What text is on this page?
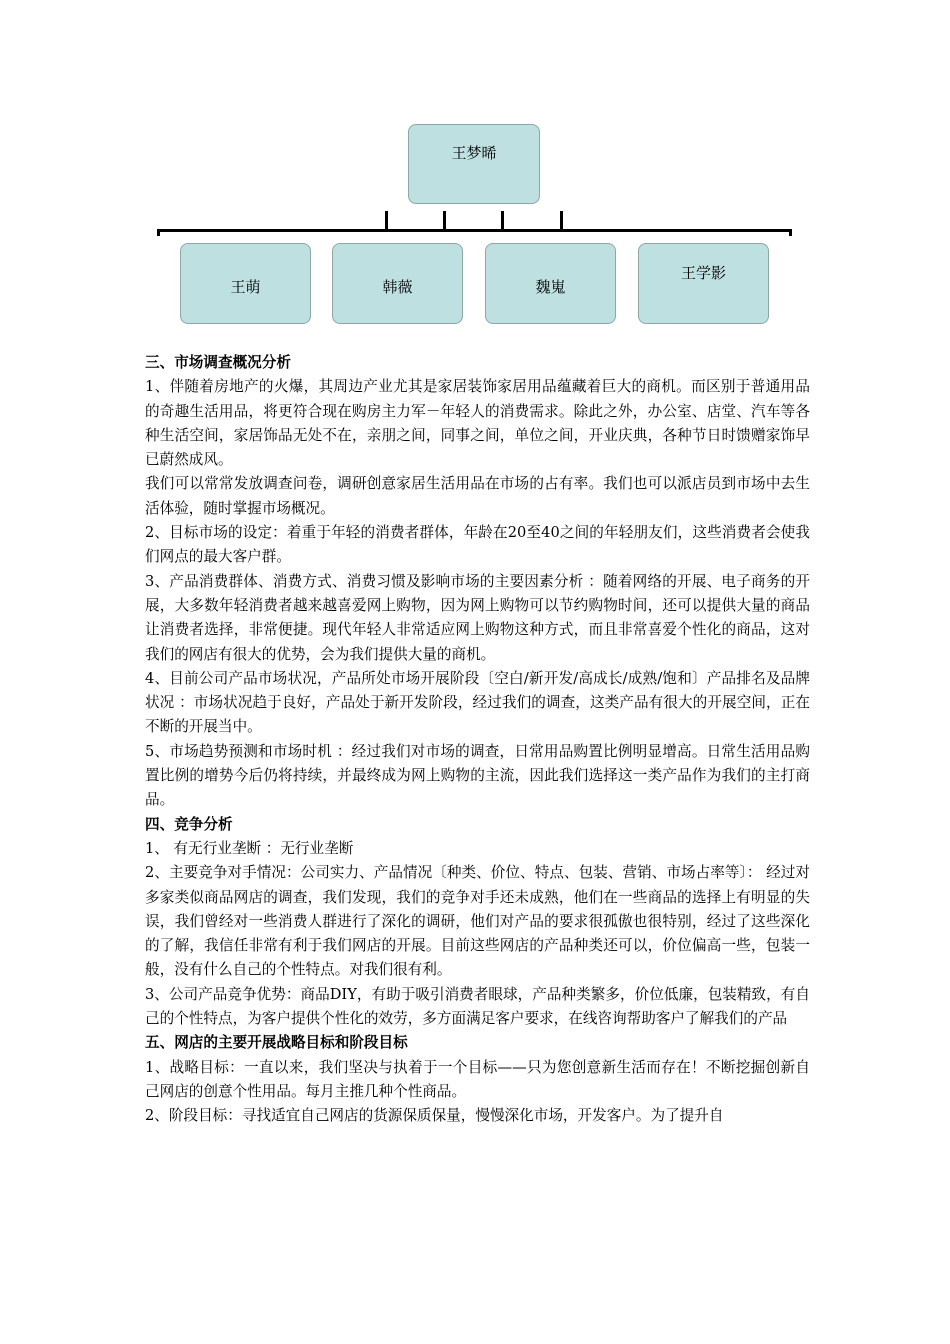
王梦晞
王萌	韩薇	魏嵬
王学影

三、市场调查概况分析

1、伴随着房地产的火爆，其周边产业尤其是家居装饰家居用品蕴藏着巨大的商机。而区别于普通用品的奇趣生活用品，将更符合现在购房主力军－年轻人的消费需求。除此之外，办公室、店堂、汽车等各种生活空间，家居饰品无处不在，亲朋之间，同事之间，单位之间，开业庆典，各种节日时馈赠家饰早已蔚然成风。

我们可以常常发放调查问卷，调研创意家居生活用品在市场的占有率。我们也可以派店员到市场中去生活体验，随时掌握市场概况。

2、目标市场的设定：着重于年轻的消费者群体，年龄在20至40之间的年轻朋友们，这些消费者会使我们网点的最大客户群。

3、产品消费群体、消费方式、消费习惯及影响市场的主要因素分析 ：随着网络的开展、电子商务的开展，大多数年轻消费者越来越喜爱网上购物，因为网上购物可以节约购物时间，还可以提供大量的商品让消费者选择，非常便捷。现代年轻人非常适应网上购物这种方式，而且非常喜爱个性化的商品，这对我们的网店有很大的优势，会为我们提供大量的商机。

4、目前公司产品市场状况，产品所处市场开展阶段〔空白/新开发/高成长/成熟/饱和〕产品排名及品牌状况 ：市场状况趋于良好，产品处于新开发阶段，经过我们的调查，这类产品有很大的开展空间，正在不断的开展当中。

5、市场趋势预测和市场时机 ：经过我们对市场的调查，日常用品购置比例明显增高。日常生活用品购置比例的增势今后仍将持续，并最终成为网上购物的主流，因此我们选择这一类产品作为我们的主打商品。

四、竞争分析

1、 有无行业垄断 ：无行业垄断

2、主要竞争对手情况：公司实力、产品情况〔种类、价位、特点、包装、营销、市场占率等〕： 经过对多家类似商品网店的调查，我们发现，我们的竞争对手还未成熟，他们在一些商品的选择上有明显的失误，我们曾经对一些消费人群进行了深化的调研，他们对产品的要求很孤傲也很特别，经过了这些深化的了解，我信任非常有利于我们网店的开展。目前这些网店的产品种类还可以，价位偏高一些，包装一般，没有什么自己的个性特点。对我们很有利。

3、公司产品竞争优势：商品DIY，有助于吸引消费者眼球，产品种类繁多，价位低廉，包装精致，有自己的个性特点，为客户提供个性化的效劳，多方面满足客户要求，在线咨询帮助客户了解我们的产品

五、网店的主要开展战略目标和阶段目标

1、战略目标：一直以来，我们坚决与执着于一个目标——只为您创意新生活而存在！不断挖掘创新自己网店的创意个性用品。每月主推几种个性商品。

2、阶段目标：寻找适宜自己网店的货源保质保量，慢慢深化市场，开发客户。为了提升自
